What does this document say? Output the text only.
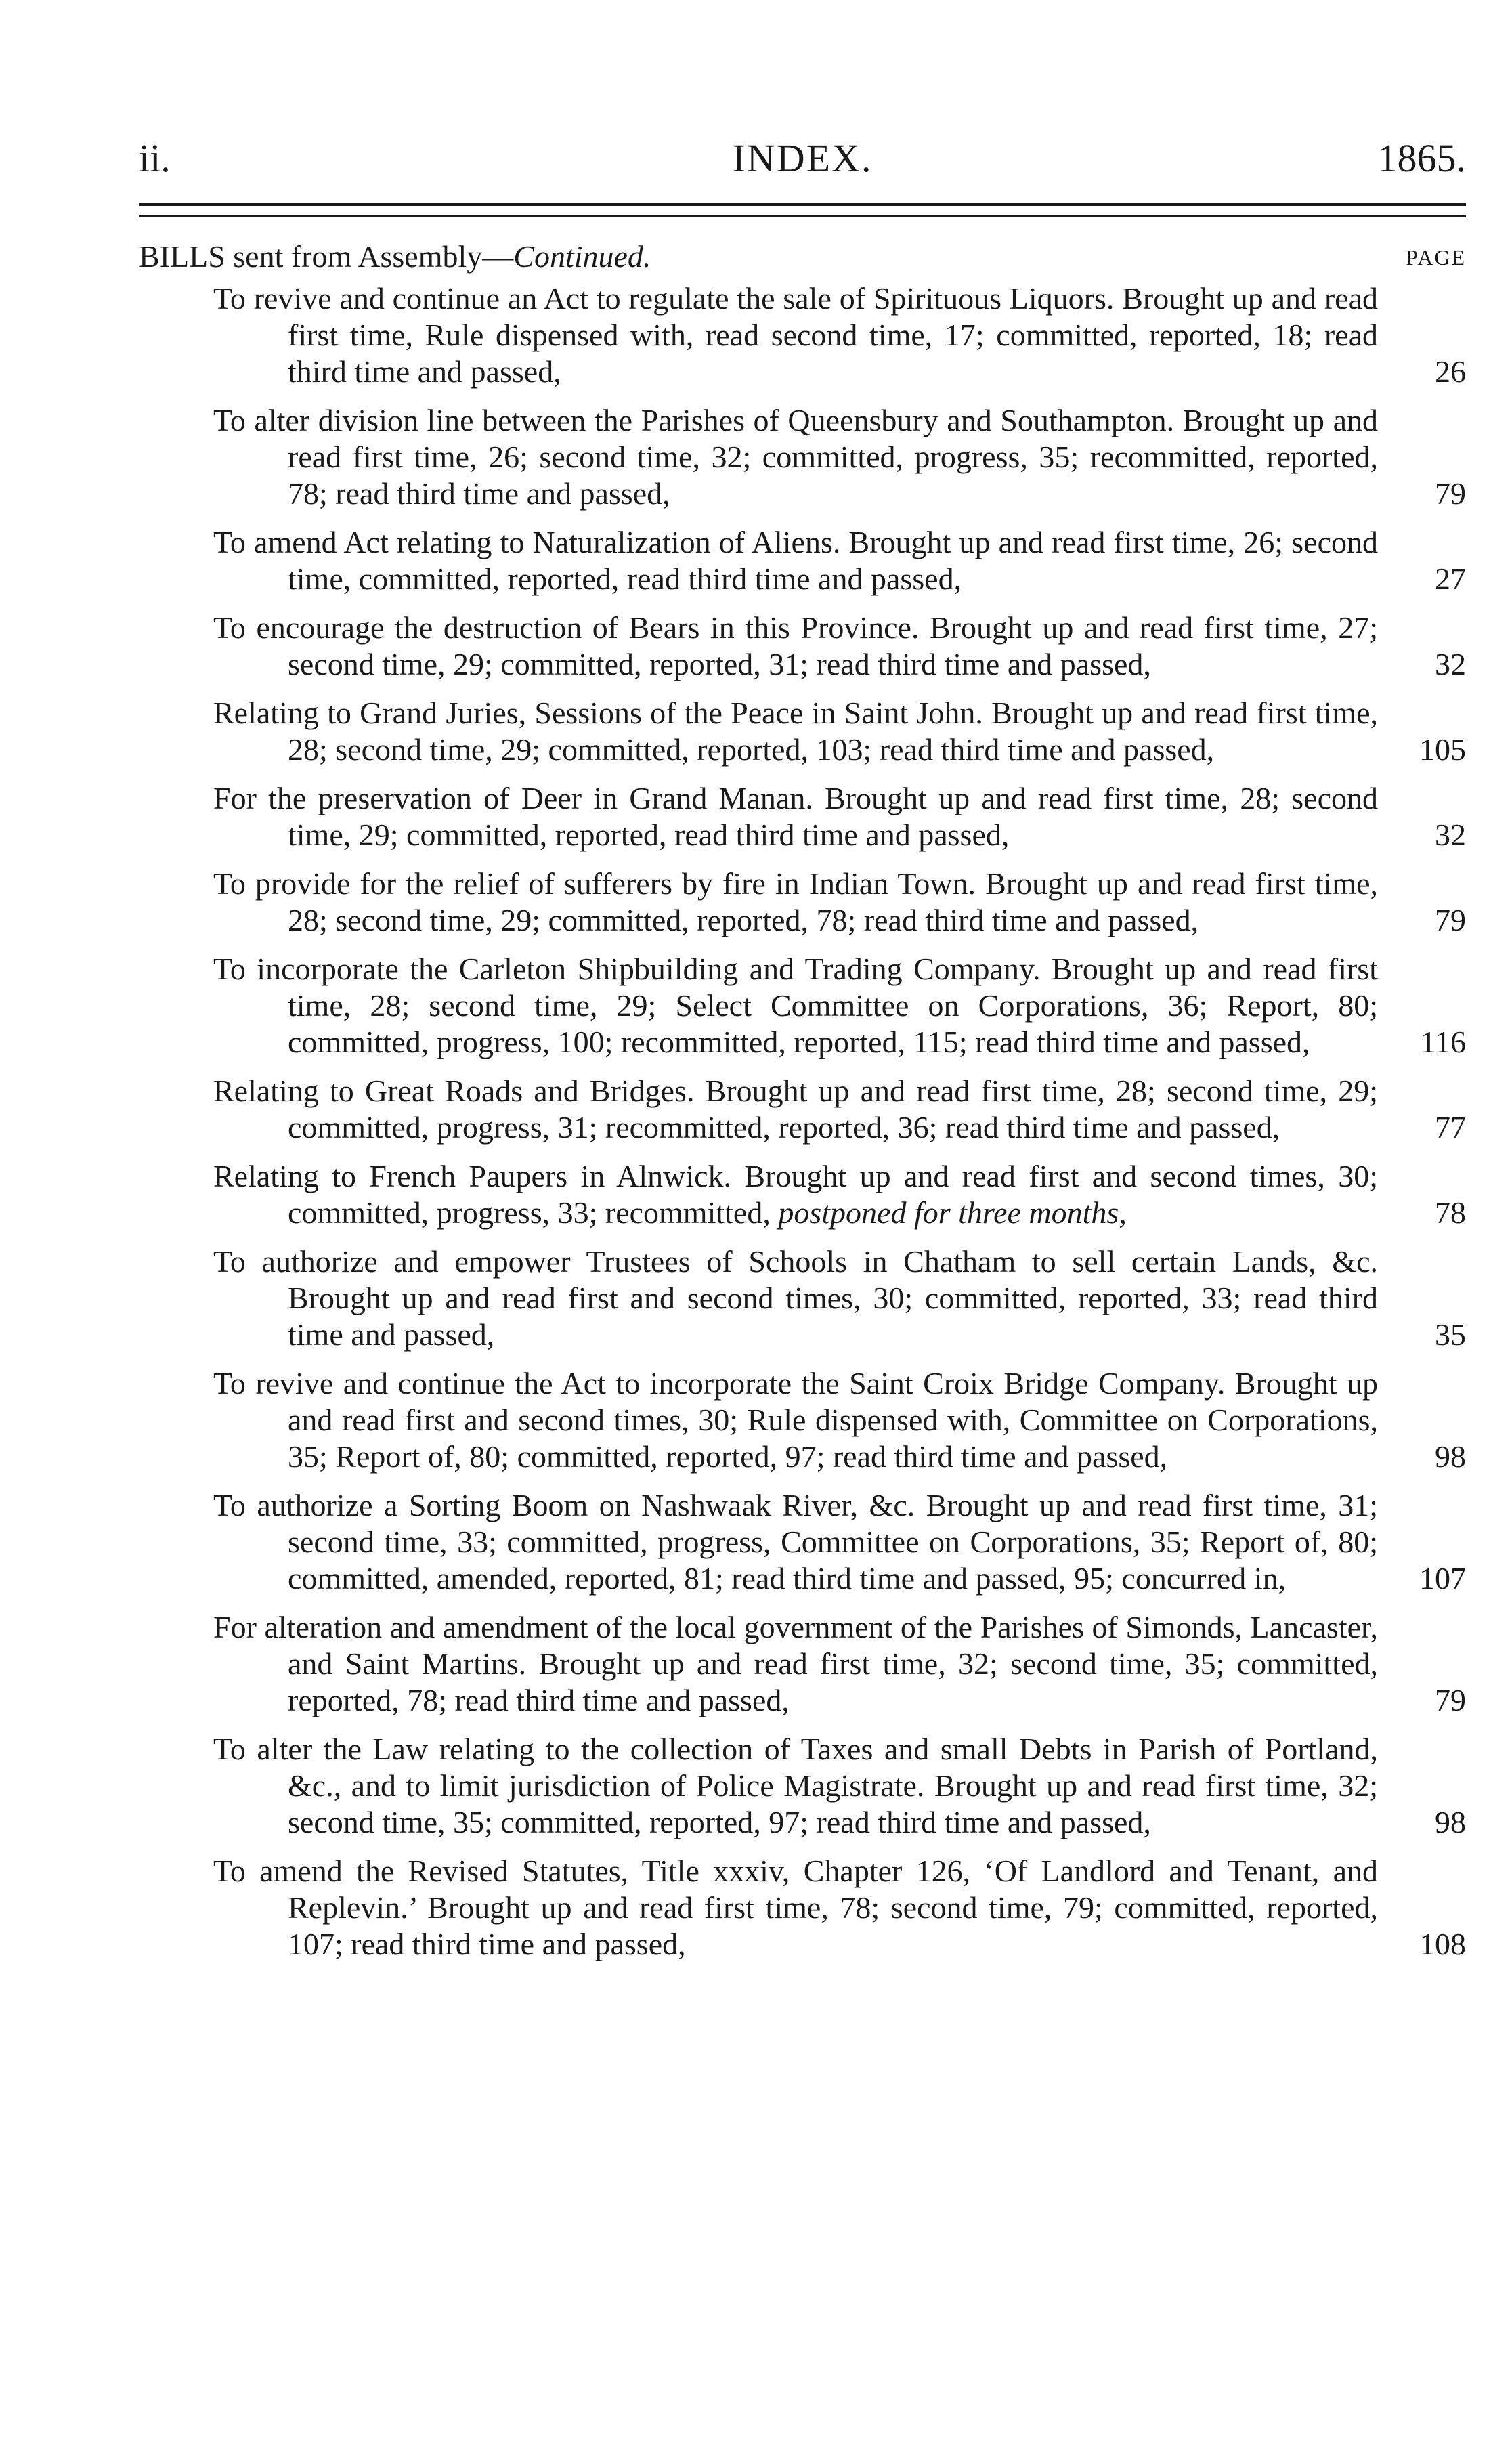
ii.	INDEX.	1865.
BILLS sent from Assembly—Continued.	PAGE
To revive and continue an Act to regulate the sale of Spirituous Liquors. Brought up and read first time, Rule dispensed with, read second time, 17; committed, reported, 18; read third time and passed,	26
To alter division line between the Parishes of Queensbury and Southampton. Brought up and read first time, 26; second time, 32; committed, progress, 35; recommitted, reported, 78; read third time and passed,	79
To amend Act relating to Naturalization of Aliens. Brought up and read first time, 26; second time, committed, reported, read third time and passed,	27
To encourage the destruction of Bears in this Province. Brought up and read first time, 27; second time, 29; committed, reported, 31; read third time and passed,	32
Relating to Grand Juries, Sessions of the Peace in Saint John. Brought up and read first time, 28; second time, 29; committed, reported, 103; read third time and passed,	105
For the preservation of Deer in Grand Manan. Brought up and read first time, 28; second time, 29; committed, reported, read third time and passed,	32
To provide for the relief of sufferers by fire in Indian Town. Brought up and read first time, 28; second time, 29; committed, reported, 78; read third time and passed,	79
To incorporate the Carleton Shipbuilding and Trading Company. Brought up and read first time, 28; second time, 29; Select Committee on Corporations, 36; Report, 80; committed, progress, 100; recommitted, reported, 115; read third time and passed,	116
Relating to Great Roads and Bridges. Brought up and read first time, 28; second time, 29; committed, progress, 31; recommitted, reported, 36; read third time and passed,	77
Relating to French Paupers in Alnwick. Brought up and read first and second times, 30; committed, progress, 33; recommitted, postponed for three months,	78
To authorize and empower Trustees of Schools in Chatham to sell certain Lands, &c. Brought up and read first and second times, 30; committed, reported, 33; read third time and passed,	35
To revive and continue the Act to incorporate the Saint Croix Bridge Company. Brought up and read first and second times, 30; Rule dispensed with, Committee on Corporations, 35; Report of, 80; committed, reported, 97; read third time and passed,	98
To authorize a Sorting Boom on Nashwaak River, &c. Brought up and read first time, 31; second time, 33; committed, progress, Committee on Corporations, 35; Report of, 80; committed, amended, reported, 81; read third time and passed, 95; concurred in,	107
For alteration and amendment of the local government of the Parishes of Simonds, Lancaster, and Saint Martins. Brought up and read first time, 32; second time, 35; committed, reported, 78; read third time and passed,	79
To alter the Law relating to the collection of Taxes and small Debts in Parish of Portland, &c., and to limit jurisdiction of Police Magistrate. Brought up and read first time, 32; second time, 35; committed, reported, 97; read third time and passed,	98
To amend the Revised Statutes, Title xxxiv, Chapter 126, ‘Of Landlord and Tenant, and Replevin.’ Brought up and read first time, 78; second time, 79; committed, reported, 107; read third time and passed,	108
